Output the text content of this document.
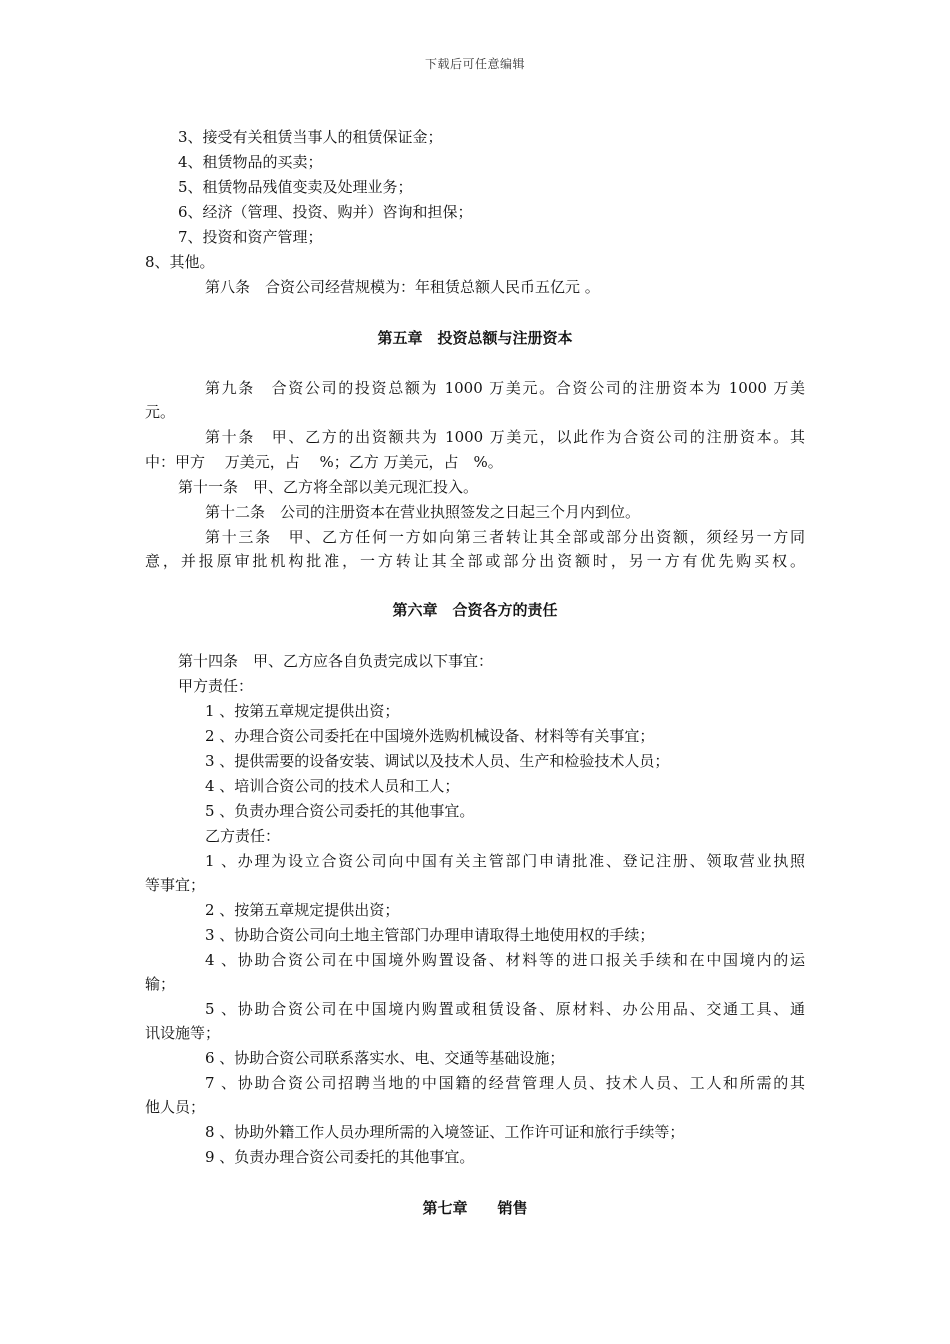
下载后可任意编辑
3、接受有关租赁当事人的租赁保证金；
4、租赁物品的买卖；
5、租赁物品残值变卖及处理业务；
6、经济（管理、投资、购并）咨询和担保；
7、投资和资产管理；
8、其他。
第八条　合资公司经营规模为：年租赁总额人民币五亿元 。
第五章　投资总额与注册资本
第九条　合资公司的投资总额为 1000 万美元。合资公司的注册资本为 1000 万美
元。
第十条　甲、乙方的出资额共为 1000 万美元，以此作为合资公司的注册资本。其
中：甲方　 万美元，占　 %；乙方 万美元，占　%。
第十一条　甲、乙方将全部以美元现汇投入。
第十二条　公司的注册资本在营业执照签发之日起三个月内到位。
第十三条　甲、乙方任何一方如向第三者转让其全部或部分出资额，须经另一方同
意，并报原审批机构批准，一方转让其全部或部分出资额时，另一方有优先购买权。
第六章　合资各方的责任
第十四条　甲、乙方应各自负责完成以下事宜：
甲方责任：
1 、按第五章规定提供出资；
2 、办理合资公司委托在中国境外选购机械设备、材料等有关事宜；
3 、提供需要的设备安装、调试以及技术人员、生产和检验技术人员；
4 、培训合资公司的技术人员和工人；
5 、负责办理合资公司委托的其他事宜。
乙方责任：
1 、办理为设立合资公司向中国有关主管部门申请批准、登记注册、领取营业执照
等事宜；
2 、按第五章规定提供出资；
3 、协助合资公司向土地主管部门办理申请取得土地使用权的手续；
4 、协助合资公司在中国境外购置设备、材料等的进口报关手续和在中国境内的运
输；
5 、协助合资公司在中国境内购置或租赁设备、原材料、办公用品、交通工具、通
讯设施等；
6 、协助合资公司联系落实水、电、交通等基础设施；
7 、协助合资公司招聘当地的中国籍的经营管理人员、技术人员、工人和所需的其
他人员；
8 、协助外籍工作人员办理所需的入境签证、工作许可证和旅行手续等；
9 、负责办理合资公司委托的其他事宜。
第七章　　销售
